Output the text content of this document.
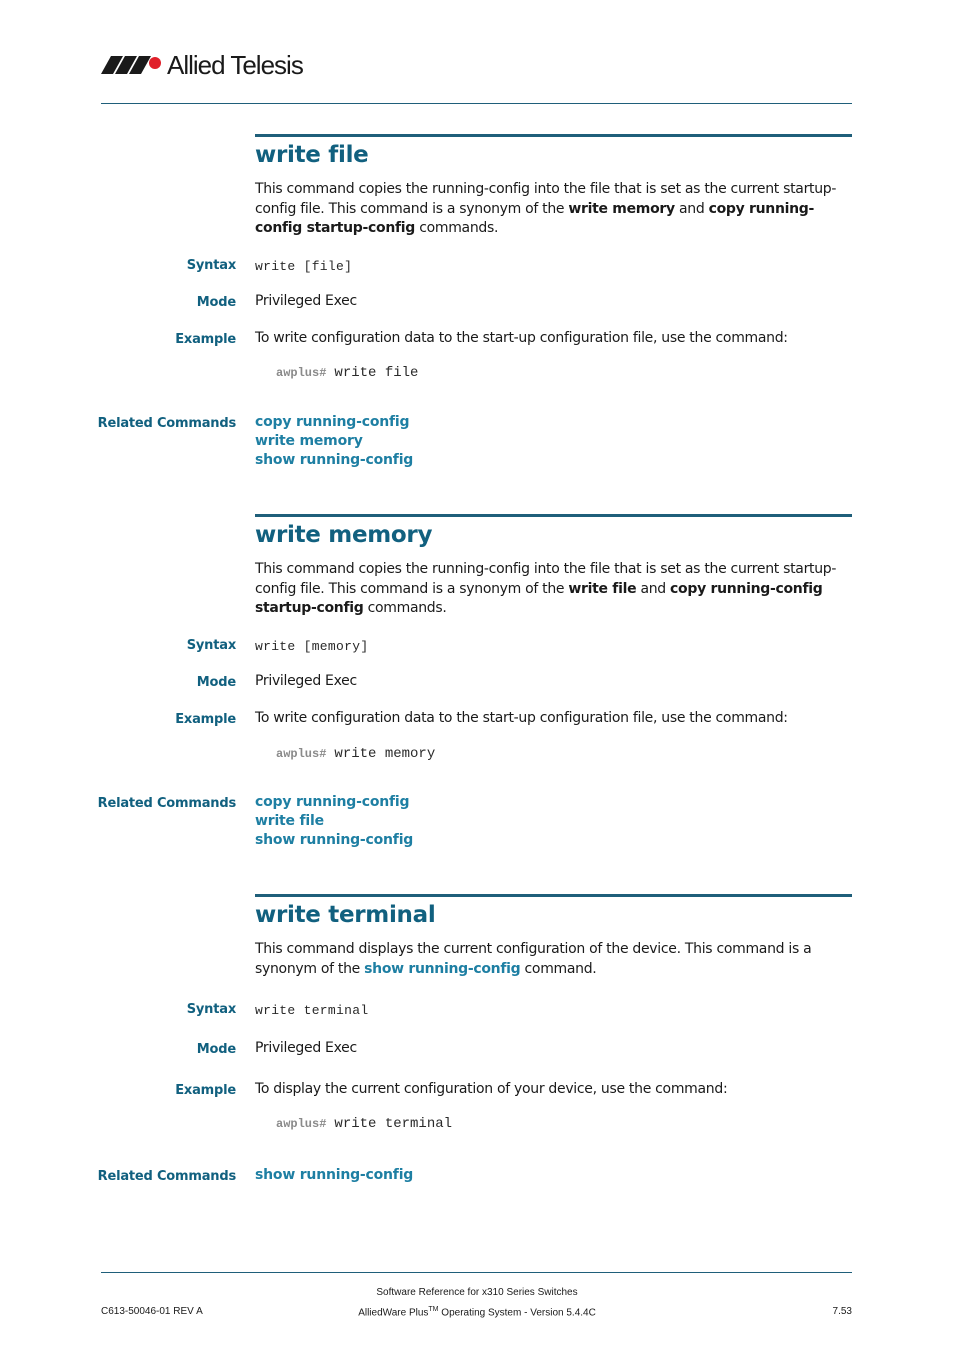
Allied Telesis
write file
This command copies the running-config into the file that is set as the current startup-config file. This command is a synonym of the write memory and copy running-config startup-config commands.
Syntax write [file]
Mode Privileged Exec
Example To write configuration data to the start-up configuration file, use the command:
awplus# write file
Related Commands copy running-config
write memory
show running-config
write memory
This command copies the running-config into the file that is set as the current startup-config file. This command is a synonym of the write file and copy running-config startup-config commands.
Syntax write [memory]
Mode Privileged Exec
Example To write configuration data to the start-up configuration file, use the command:
awplus# write memory
Related Commands copy running-config
write file
show running-config
write terminal
This command displays the current configuration of the device. This command is a synonym of the show running-config command.
Syntax write terminal
Mode Privileged Exec
Example To display the current configuration of your device, use the command:
awplus# write terminal
Related Commands show running-config
Software Reference for x310 Series Switches
C613-50046-01 REV A	AlliedWare Plus™ Operating System - Version 5.4.4C	7.53
